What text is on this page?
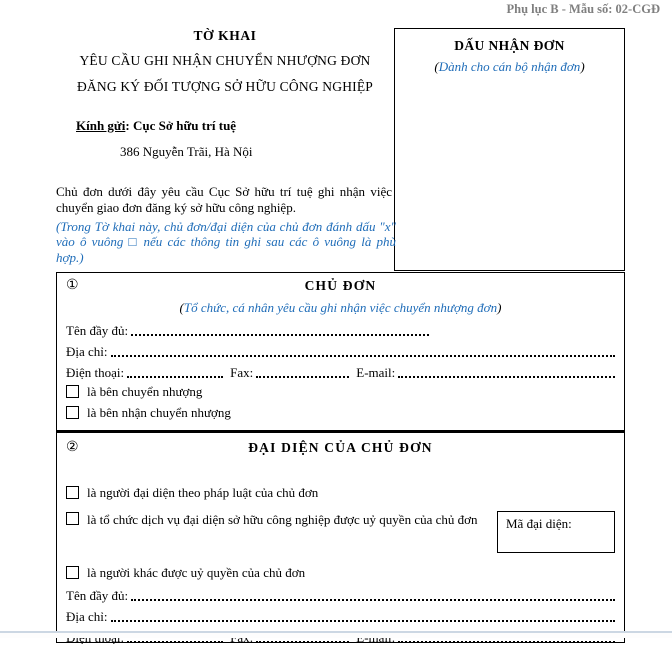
Phụ lục B - Mẫu số: 02-CGĐ
TỜ KHAI
YÊU CẦU GHI NHẬN CHUYỂN NHƯỢNG ĐƠN
ĐĂNG KÝ ĐỐI TƯỢNG SỞ HỮU CÔNG NGHIỆP
DẤU NHẬN ĐƠN
(Dành cho cán bộ nhận đơn)
Kính gửi: Cục Sở hữu trí tuệ
386 Nguyễn Trãi, Hà Nội
Chủ đơn dưới đây yêu cầu Cục Sở hữu trí tuệ ghi nhận việc chuyển giao đơn đăng ký sở hữu công nghiệp.
(Trong Tờ khai này, chủ đơn/đại diện của chủ đơn đánh dấu "x" vào ô vuông □ nếu các thông tin ghi sau các ô vuông là phù hợp.)
①	CHỦ ĐƠN
(Tổ chức, cá nhân yêu cầu ghi nhận việc chuyển nhượng đơn)
Tên đầy đủ:
Địa chỉ:
Điện thoại:	Fax:	E-mail:
là bên chuyển nhượng
là bên nhận chuyển nhượng
②	ĐẠI DIỆN CỦA CHỦ ĐƠN
là người đại diện theo pháp luật của chủ đơn
là tổ chức dịch vụ đại diện sở hữu công nghiệp được uỷ quyền của chủ đơn	Mã đại diện:
là người khác được uỷ quyền của chủ đơn
Tên đầy đủ:
Địa chỉ:
